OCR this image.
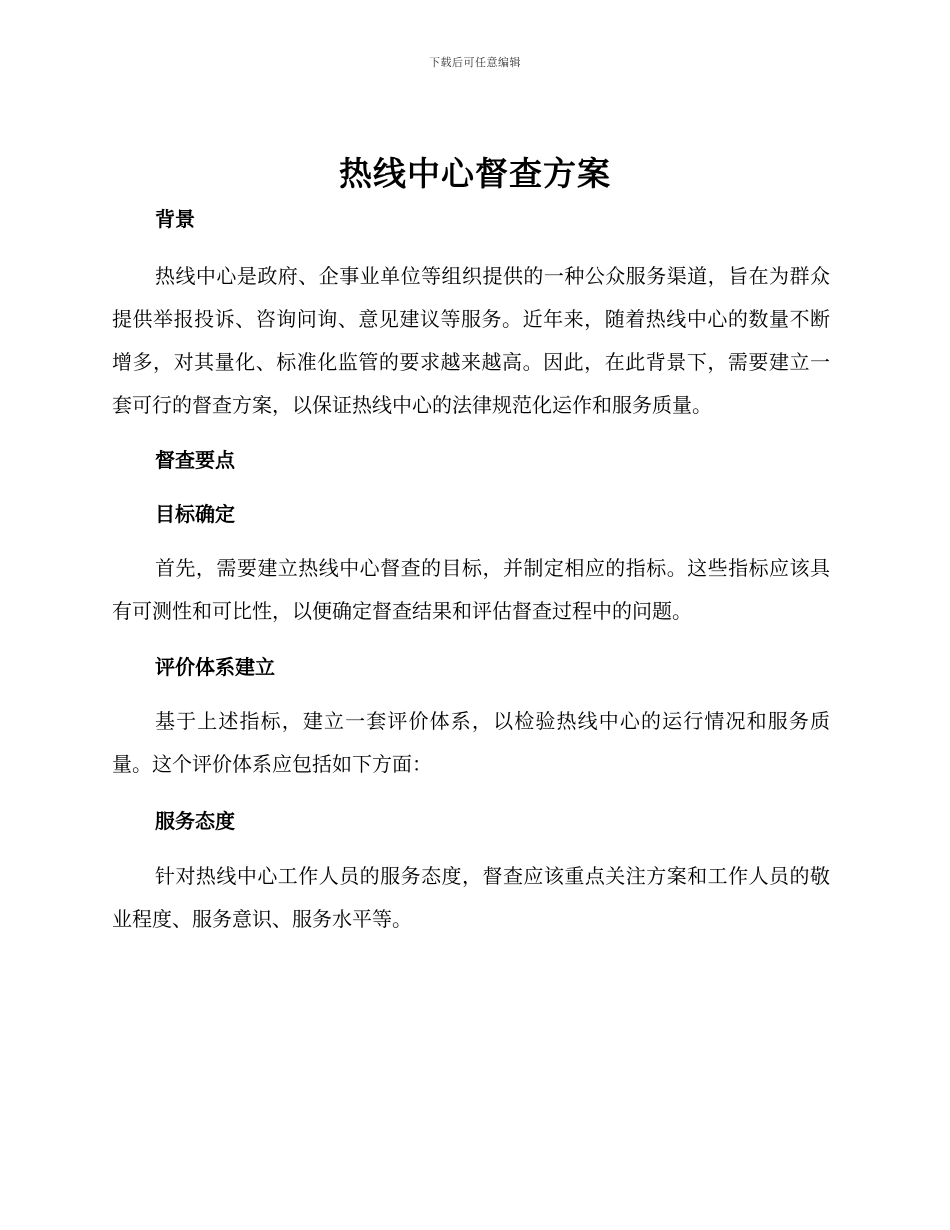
下载后可任意编辑
热线中心督查方案

背景

热线中心是政府、企事业单位等组织提供的一种公众服务渠道，旨在为群众提供举报投诉、咨询问询、意见建议等服务。近年来，随着热线中心的数量不断增多，对其量化、标准化监管的要求越来越高。因此，在此背景下，需要建立一套可行的督查方案，以保证热线中心的法律规范化运作和服务质量。

督查要点

目标确定

首先，需要建立热线中心督查的目标，并制定相应的指标。这些指标应该具有可测性和可比性，以便确定督查结果和评估督查过程中的问题。

评价体系建立

基于上述指标，建立一套评价体系，以检验热线中心的运行情况和服务质量。这个评价体系应包括如下方面：

服务态度

针对热线中心工作人员的服务态度，督查应该重点关注方案和工作人员的敬业程度、服务意识、服务水平等。
